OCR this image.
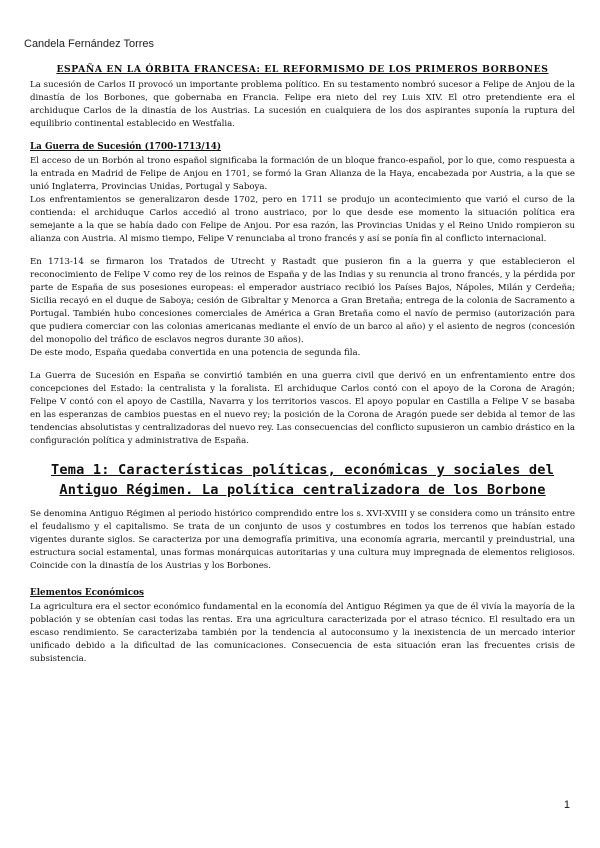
Candela Fernández Torres
ESPAÑA EN LA ÓRBITA FRANCESA: EL REFORMISMO DE LOS PRIMEROS BORBONES

La sucesión de Carlos II provocó un importante problema político. En su testamento nombró sucesor a Felipe de Anjou de la dinastía de los Borbones, que gobernaba en Francia. Felipe era nieto del rey Luis XIV. El otro pretendiente era el archiduque Carlos de la dinastía de los Austrias. La sucesión en cualquiera de los dos aspirantes suponía la ruptura del equilibrio continental establecido en Westfalia.

La Guerra de Sucesión (1700-1713/14)

El acceso de un Borbón al trono español significaba la formación de un bloque franco-español, por lo que, como respuesta a la entrada en Madrid de Felipe de Anjou en 1701, se formó la Gran Alianza de la Haya, encabezada por Austria, a la que se unió Inglaterra, Provincias Unidas, Portugal y Saboya.

Los enfrentamientos se generalizaron desde 1702, pero en 1711 se produjo un acontecimiento que varió el curso de la contienda: el archiduque Carlos accedió al trono austriaco, por lo que desde ese momento la situación política era semejante a la que se había dado con Felipe de Anjou. Por esa razón, las Provincias Unidas y el Reino Unido rompieron su alianza con Austria. Al mismo tiempo, Felipe V renunciaba al trono francés y así se ponía fin al conflicto internacional.

En 1713-14 se firmaron los Tratados de Utrecht y Rastadt que pusieron fin a la guerra y que establecieron el reconocimiento de Felipe V como rey de los reinos de España y de las Indias y su renuncia al trono francés, y la pérdida por parte de España de sus posesiones europeas: el emperador austriaco recibió los Países Bajos, Nápoles, Milán y Cerdeña; Sicilia recayó en el duque de Saboya; cesión de Gibraltar y Menorca a Gran Bretaña; entrega de la colonia de Sacramento a Portugal. También hubo concesiones comerciales de América a Gran Bretaña como el navío de permiso (autorización para que pudiera comerciar con las colonias americanas mediante el envío de un barco al año) y el asiento de negros (concesión del monopolio del tráfico de esclavos negros durante 30 años).

De este modo, España quedaba convertida en una potencia de segunda fila.

La Guerra de Sucesión en España se convirtió también en una guerra civil que derivó en un enfrentamiento entre dos concepciones del Estado: la centralista y la foralista. El archiduque Carlos contó con el apoyo de la Corona de Aragón; Felipe V contó con el apoyo de Castilla, Navarra y los territorios vascos. El apoyo popular en Castilla a Felipe V se basaba en las esperanzas de cambios puestas en el nuevo rey; la posición de la Corona de Aragón puede ser debida al temor de las tendencias absolutistas y centralizadoras del nuevo rey. Las consecuencias del conflicto supusieron un cambio drástico en la configuración política y administrativa de España.

Tema 1: Características políticas, económicas y sociales del Antiguo Régimen. La política centralizadora de los Borbone

Se denomina Antiguo Régimen al periodo histórico comprendido entre los s. XVI-XVIII y se considera como un tránsito entre el feudalismo y el capitalismo. Se trata de un conjunto de usos y costumbres en todos los terrenos que habían estado vigentes durante siglos. Se caracteriza por una demografía primitiva, una economía agraria, mercantil y preindustrial, una estructura social estamental, unas formas monárquicas autoritarias y una cultura muy impregnada de elementos religiosos. Coincide con la dinastía de los Austrias y los Borbones.

Elementos Económicos

La agricultura era el sector económico fundamental en la economía del Antiguo Régimen ya que de él vivía la mayoría de la población y se obtenían casi todas las rentas. Era una agricultura caracterizada por el atraso técnico. El resultado era un escaso rendimiento. Se caracterizaba también por la tendencia al autoconsumo y la inexistencia de un mercado interior unificado debido a la dificultad de las comunicaciones. Consecuencia de esta situación eran las frecuentes crisis de subsistencia.

1
